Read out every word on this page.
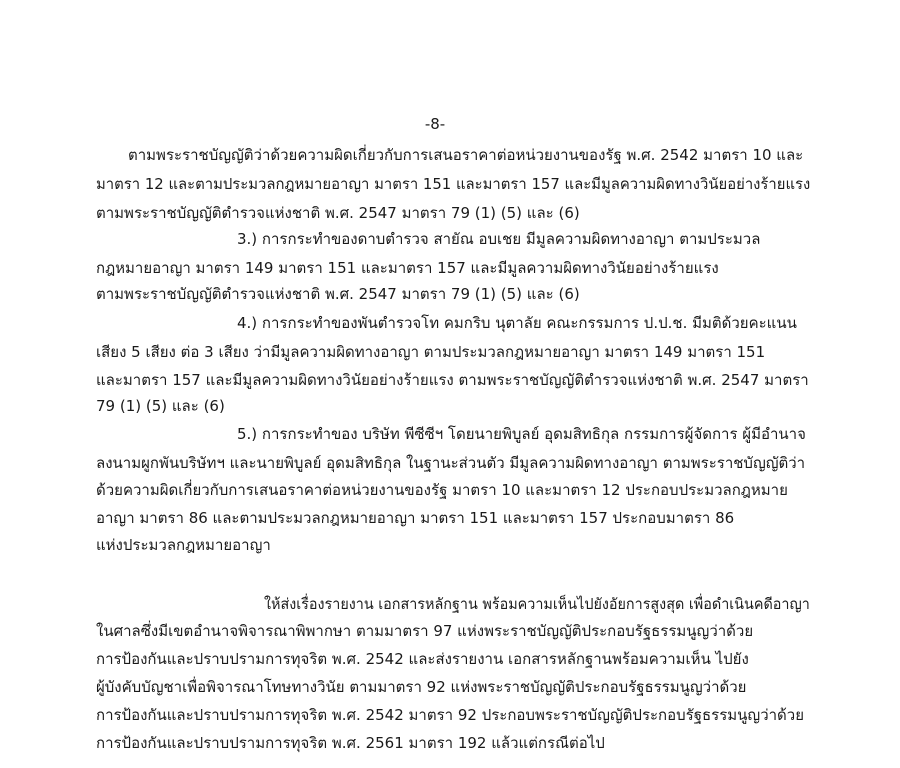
-8-
ตามพระราชบัญญัติว่าด้วยความผิดเกี่ยวกับการเสนอราคาต่อหน่วยงานของรัฐ พ.ศ. 2542 มาตรา 10 และ
มาตรา 12 และตามประมวลกฎหมายอาญา มาตรา 151 และมาตรา 157 และมีมูลความผิดทางวินัยอย่างร้ายแรง
ตามพระราชบัญญัติตำรวจแห่งชาติ พ.ศ. 2547 มาตรา 79 (1) (5) และ (6)
3.) การกระทำของดาบตำรวจ สายัณ อบเชย มีมูลความผิดทางอาญา ตามประมวล
กฎหมายอาญา มาตรา 149 มาตรา 151 และมาตรา 157 และมีมูลความผิดทางวินัยอย่างร้ายแรง
ตามพระราชบัญญัติตำรวจแห่งชาติ พ.ศ. 2547 มาตรา 79 (1) (5) และ (6)
4.) การกระทำของพันตำรวจโท คมกริบ นุตาลัย คณะกรรมการ ป.ป.ช. มีมติด้วยคะแนน
เสียง 5 เสียง ต่อ 3 เสียง ว่ามีมูลความผิดทางอาญา ตามประมวลกฎหมายอาญา มาตรา 149 มาตรา 151
และมาตรา 157 และมีมูลความผิดทางวินัยอย่างร้ายแรง ตามพระราชบัญญัติตำรวจแห่งชาติ พ.ศ. 2547 มาตรา
79 (1) (5) และ (6)
5.) การกระทำของ บริษัท พีซีซีฯ โดยนายพิบูลย์ อุดมสิทธิกุล กรรมการผู้จัดการ ผู้มีอำนาจ
ลงนามผูกพันบริษัทฯ และนายพิบูลย์ อุดมสิทธิกุล ในฐานะส่วนตัว มีมูลความผิดทางอาญา ตามพระราชบัญญัติว่า
ด้วยความผิดเกี่ยวกับการเสนอราคาต่อหน่วยงานของรัฐ มาตรา 10 และมาตรา 12 ประกอบประมวลกฎหมาย
อาญา มาตรา 86 และตามประมวลกฎหมายอาญา มาตรา 151 และมาตรา 157 ประกอบมาตรา 86
แห่งประมวลกฎหมายอาญา
ให้ส่งเรื่องรายงาน เอกสารหลักฐาน พร้อมความเห็นไปยังอัยการสูงสุด เพื่อดำเนินคดีอาญา
ในศาลซึ่งมีเขตอำนาจพิจารณาพิพากษา ตามมาตรา 97 แห่งพระราชบัญญัติประกอบรัฐธรรมนูญว่าด้วย
การป้องกันและปราบปรามการทุจริต พ.ศ. 2542 และส่งรายงาน เอกสารหลักฐานพร้อมความเห็น ไปยัง
ผู้บังคับบัญชาเพื่อพิจารณาโทษทางวินัย ตามมาตรา 92 แห่งพระราชบัญญัติประกอบรัฐธรรมนูญว่าด้วย
การป้องกันและปราบปรามการทุจริต พ.ศ. 2542 มาตรา 92 ประกอบพระราชบัญญัติประกอบรัฐธรรมนูญว่าด้วย
การป้องกันและปราบปรามการทุจริต พ.ศ. 2561 มาตรา 192 แล้วแต่กรณีต่อไป
